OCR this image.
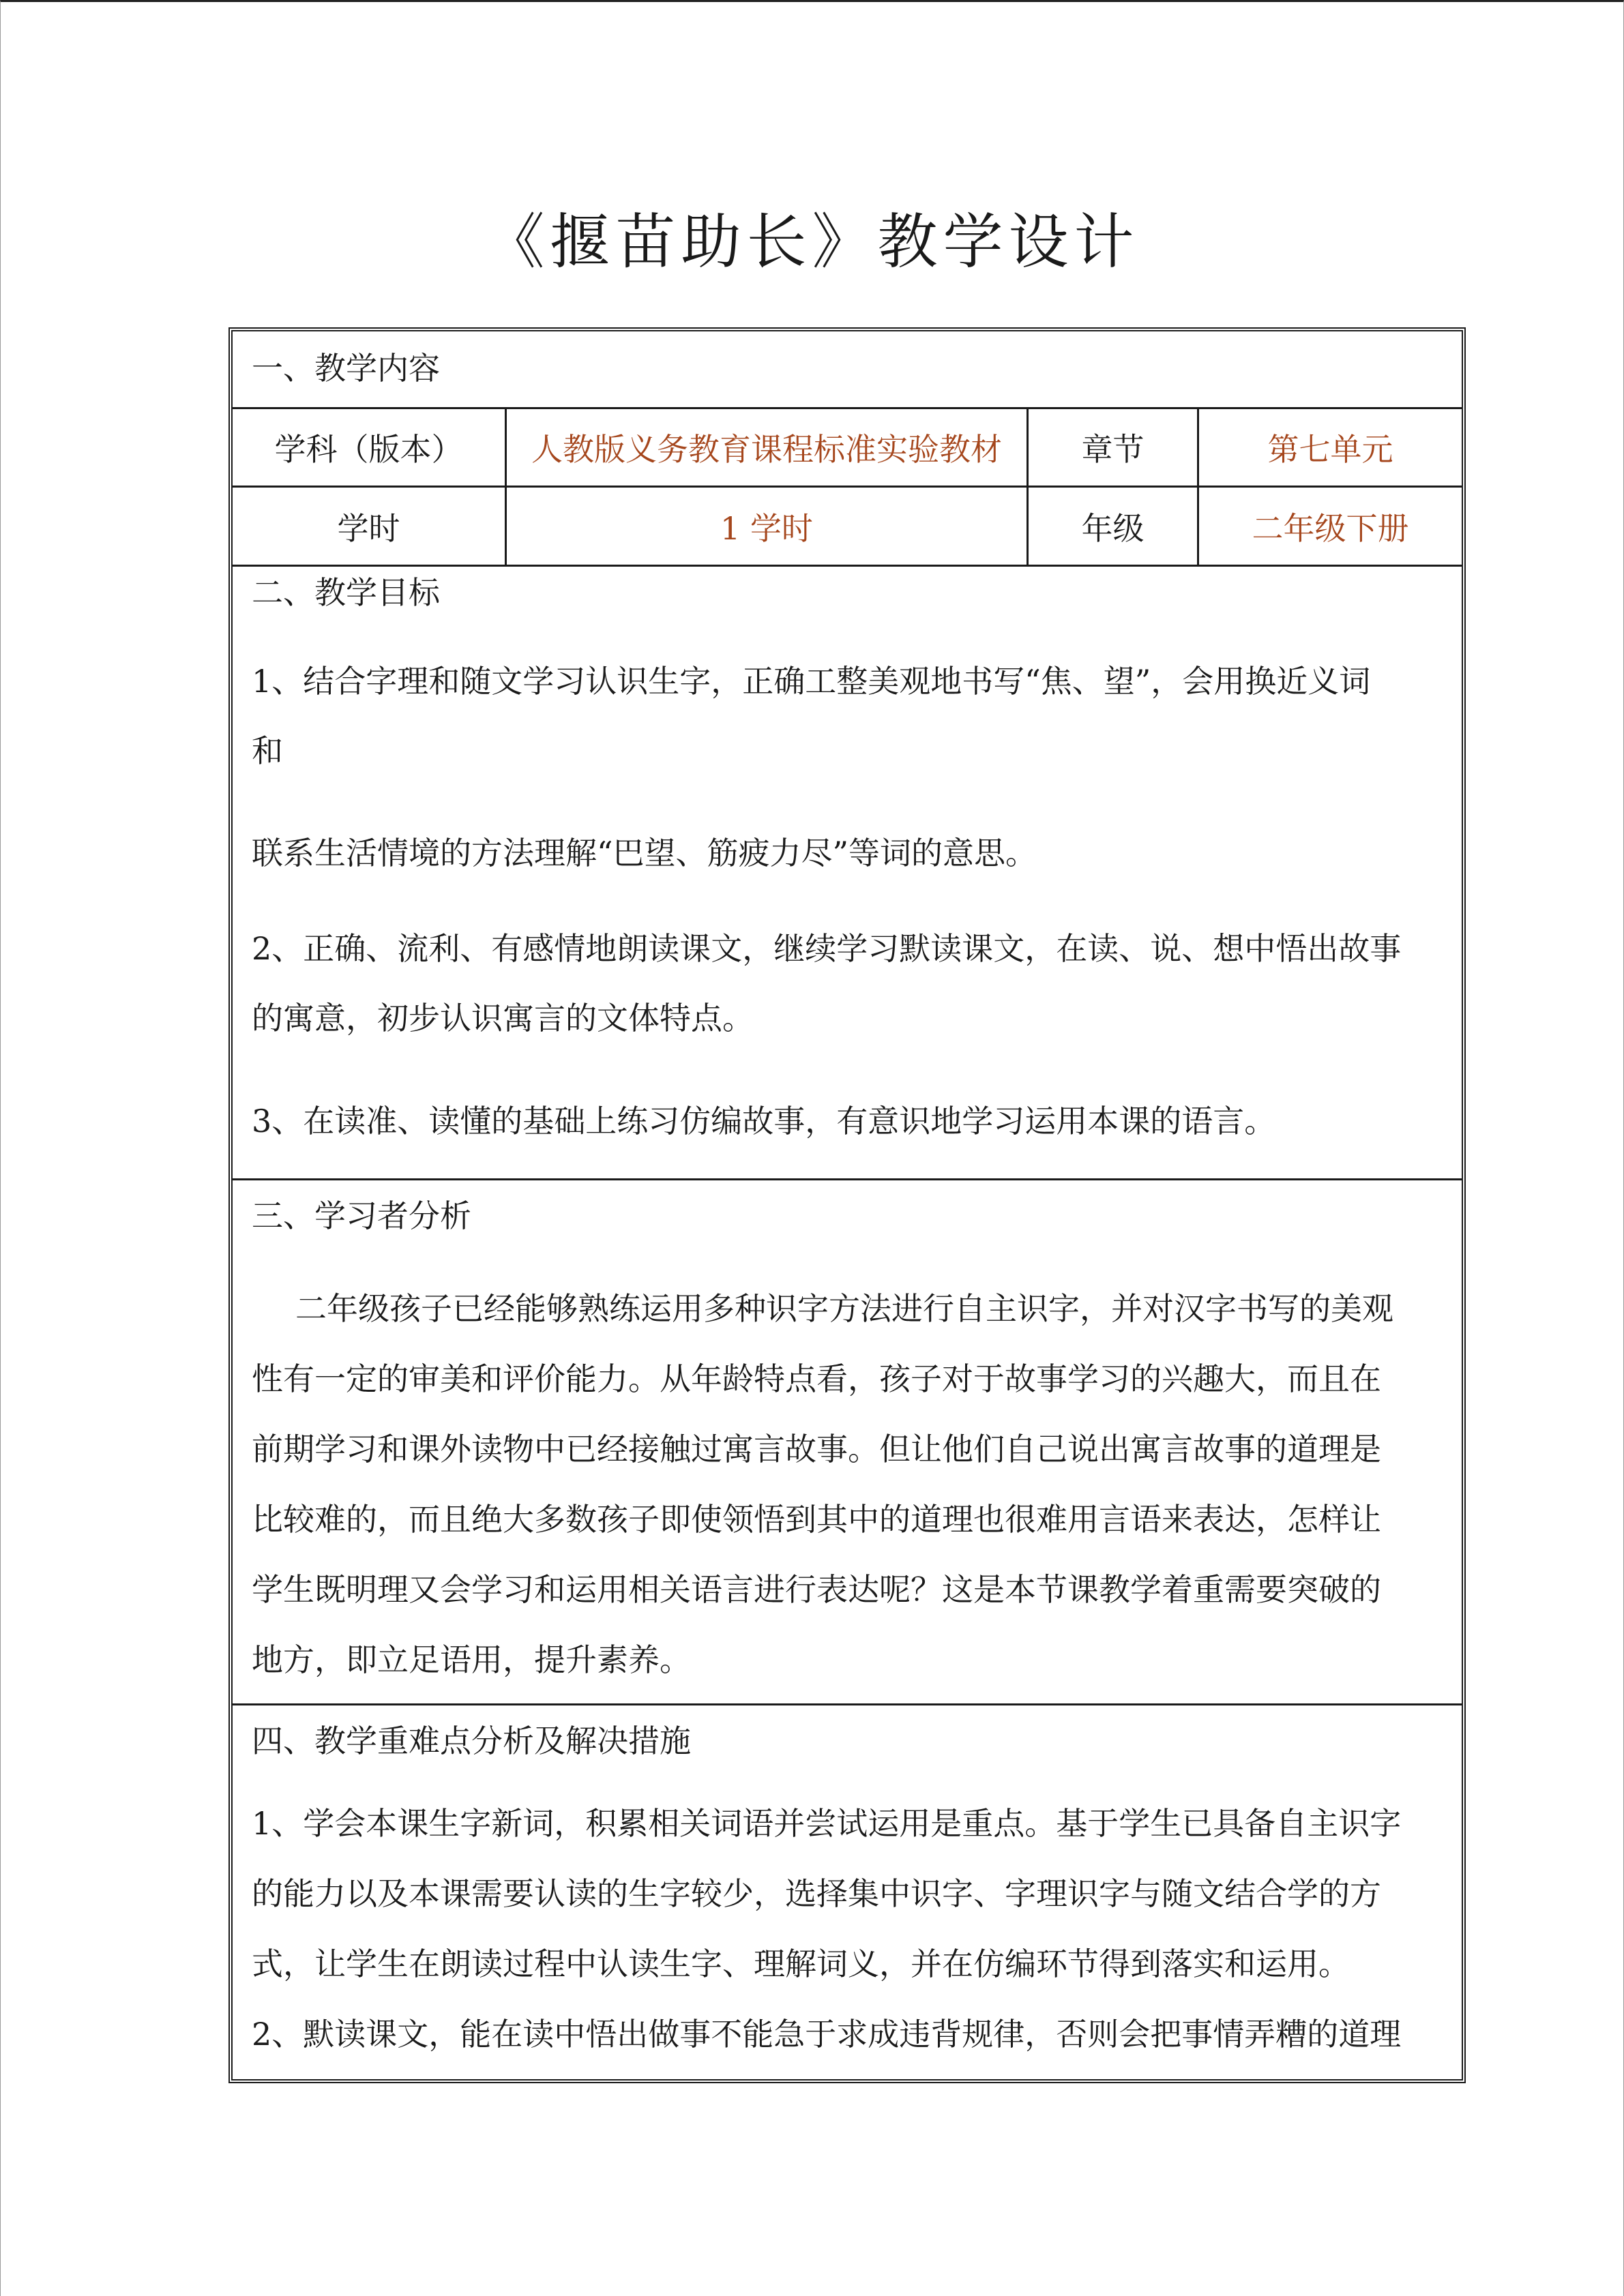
《揠苗助长》教学设计
一、教学内容
学科（版本）	人教版义务教育课程标准实验教材	章节	第七单元
学时	1 学时	年级	二年级下册
二、教学目标
1、结合字理和随文学习认识生字，正确工整美观地书写“焦、望”，会用换近义词
和
联系生活情境的方法理解“巴望、筋疲力尽”等词的意思。
2、正确、流利、有感情地朗读课文，继续学习默读课文，在读、说、想中悟出故事
的寓意，初步认识寓言的文体特点。
3、在读准、读懂的基础上练习仿编故事，有意识地学习运用本课的语言。
三、学习者分析
二年级孩子已经能够熟练运用多种识字方法进行自主识字，并对汉字书写的美观
性有一定的审美和评价能力。从年龄特点看，孩子对于故事学习的兴趣大，而且在
前期学习和课外读物中已经接触过寓言故事。但让他们自己说出寓言故事的道理是
比较难的，而且绝大多数孩子即使领悟到其中的道理也很难用言语来表达，怎样让
学生既明理又会学习和运用相关语言进行表达呢？这是本节课教学着重需要突破的
地方，即立足语用，提升素养。
四、教学重难点分析及解决措施
1、学会本课生字新词，积累相关词语并尝试运用是重点。基于学生已具备自主识字
的能力以及本课需要认读的生字较少，选择集中识字、字理识字与随文结合学的方
式，让学生在朗读过程中认读生字、理解词义，并在仿编环节得到落实和运用。
2、默读课文，能在读中悟出做事不能急于求成违背规律，否则会把事情弄糟的道理
